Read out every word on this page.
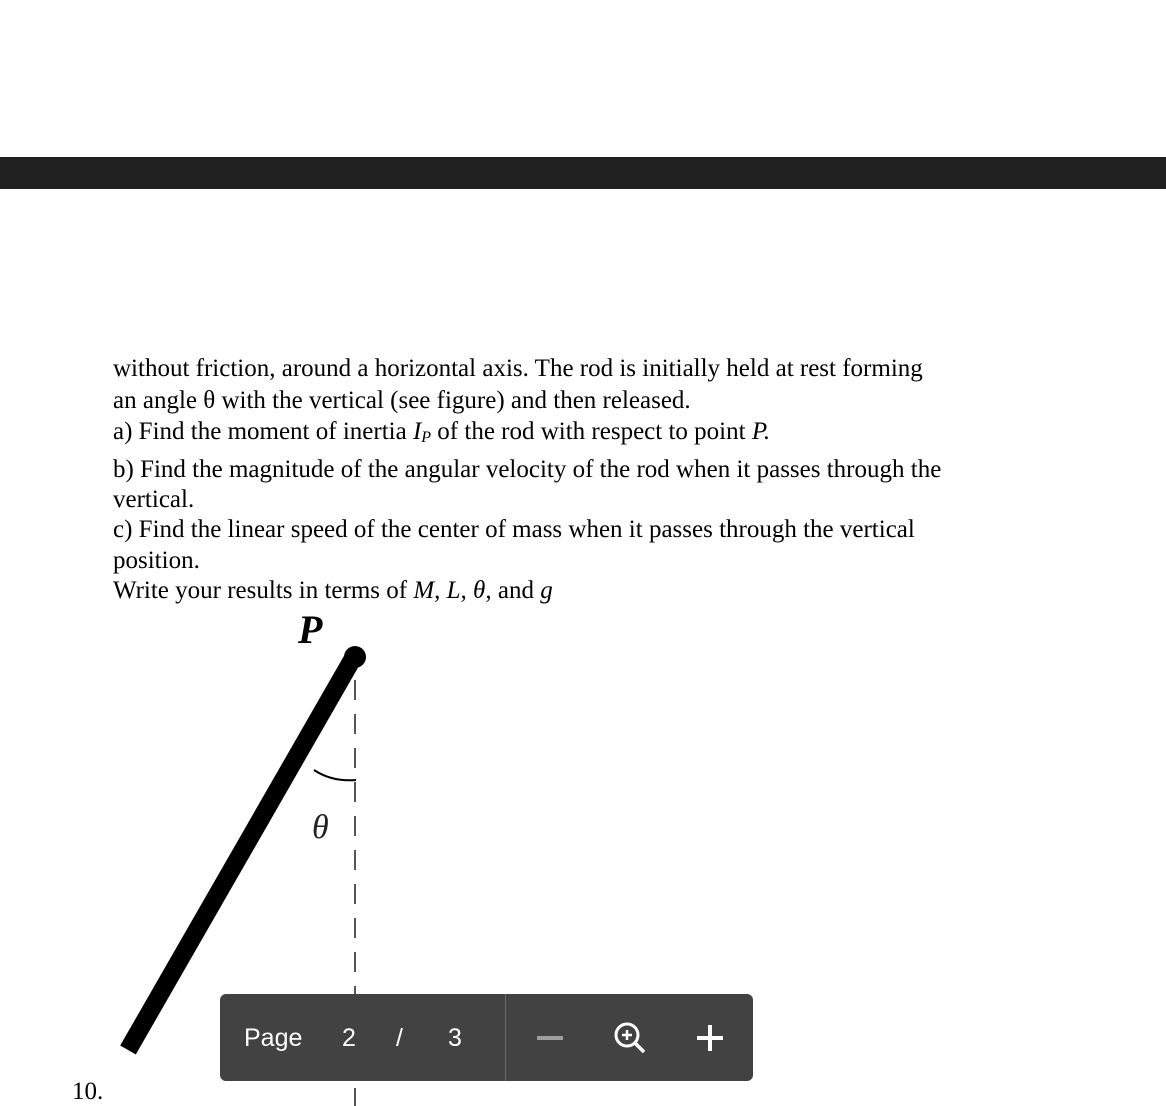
without friction, around a horizontal axis. The rod is initially held at rest forming
an angle θ with the vertical (see figure) and then released.
a) Find the moment of inertia $I_P$ of the rod with respect to point P.
b) Find the magnitude of the angular velocity of the rod when it passes through the
vertical.
c) Find the linear speed of the center of mass when it passes through the vertical
position.
Write your results in terms of M, L, θ, and g
P
θ
10.
Page 2 / 3
